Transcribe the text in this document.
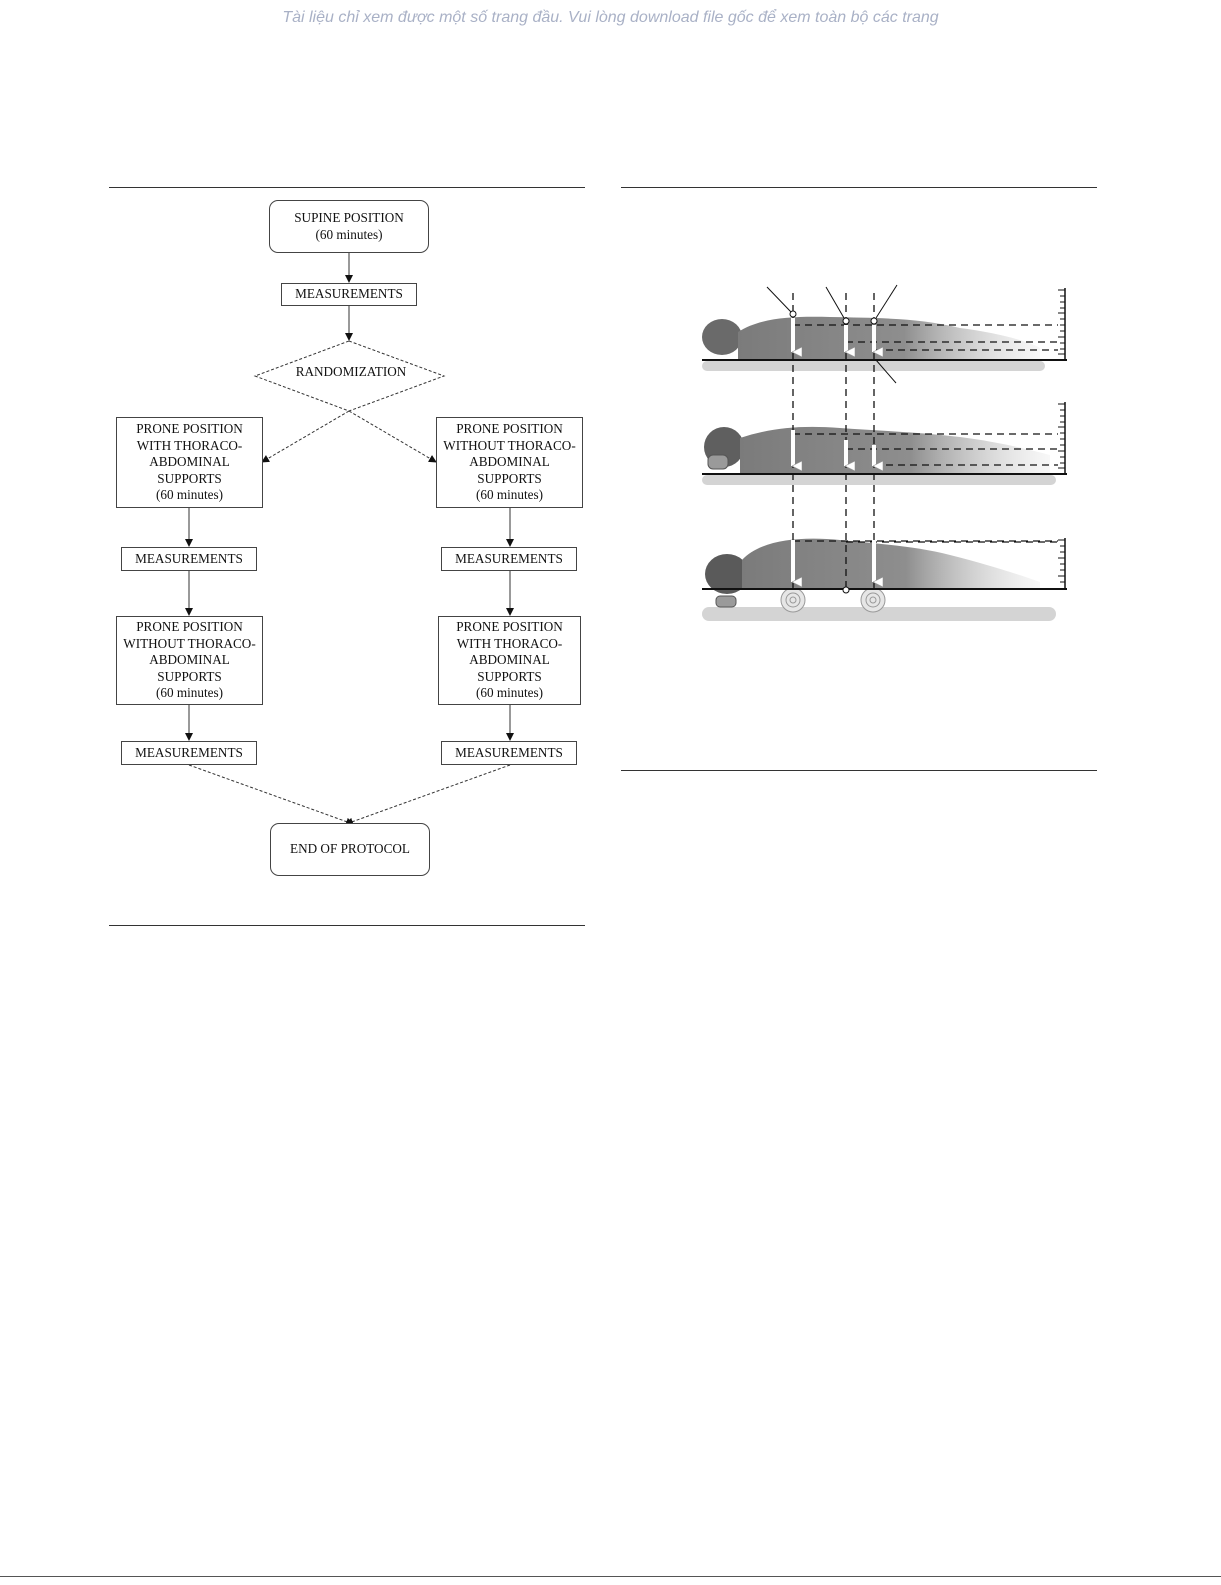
Tài liệu chỉ xem được một số trang đầu. Vui lòng download file gốc để xem toàn bộ các trang
SUPINE POSITION
(60 minutes)
MEASUREMENTS
RANDOMIZATION
PRONE POSITION
WITH THORACO-
ABDOMINAL
SUPPORTS
(60 minutes)
PRONE POSITION
WITHOUT THORACO-
ABDOMINAL
SUPPORTS
(60 minutes)
MEASUREMENTS	MEASUREMENTS
PRONE POSITION
WITHOUT THORACO-
ABDOMINAL
SUPPORTS
(60 minutes)
PRONE POSITION
WITH THORACO-
ABDOMINAL
SUPPORTS
(60 minutes)
MEASUREMENTS	MEASUREMENTS
END OF PROTOCOL
